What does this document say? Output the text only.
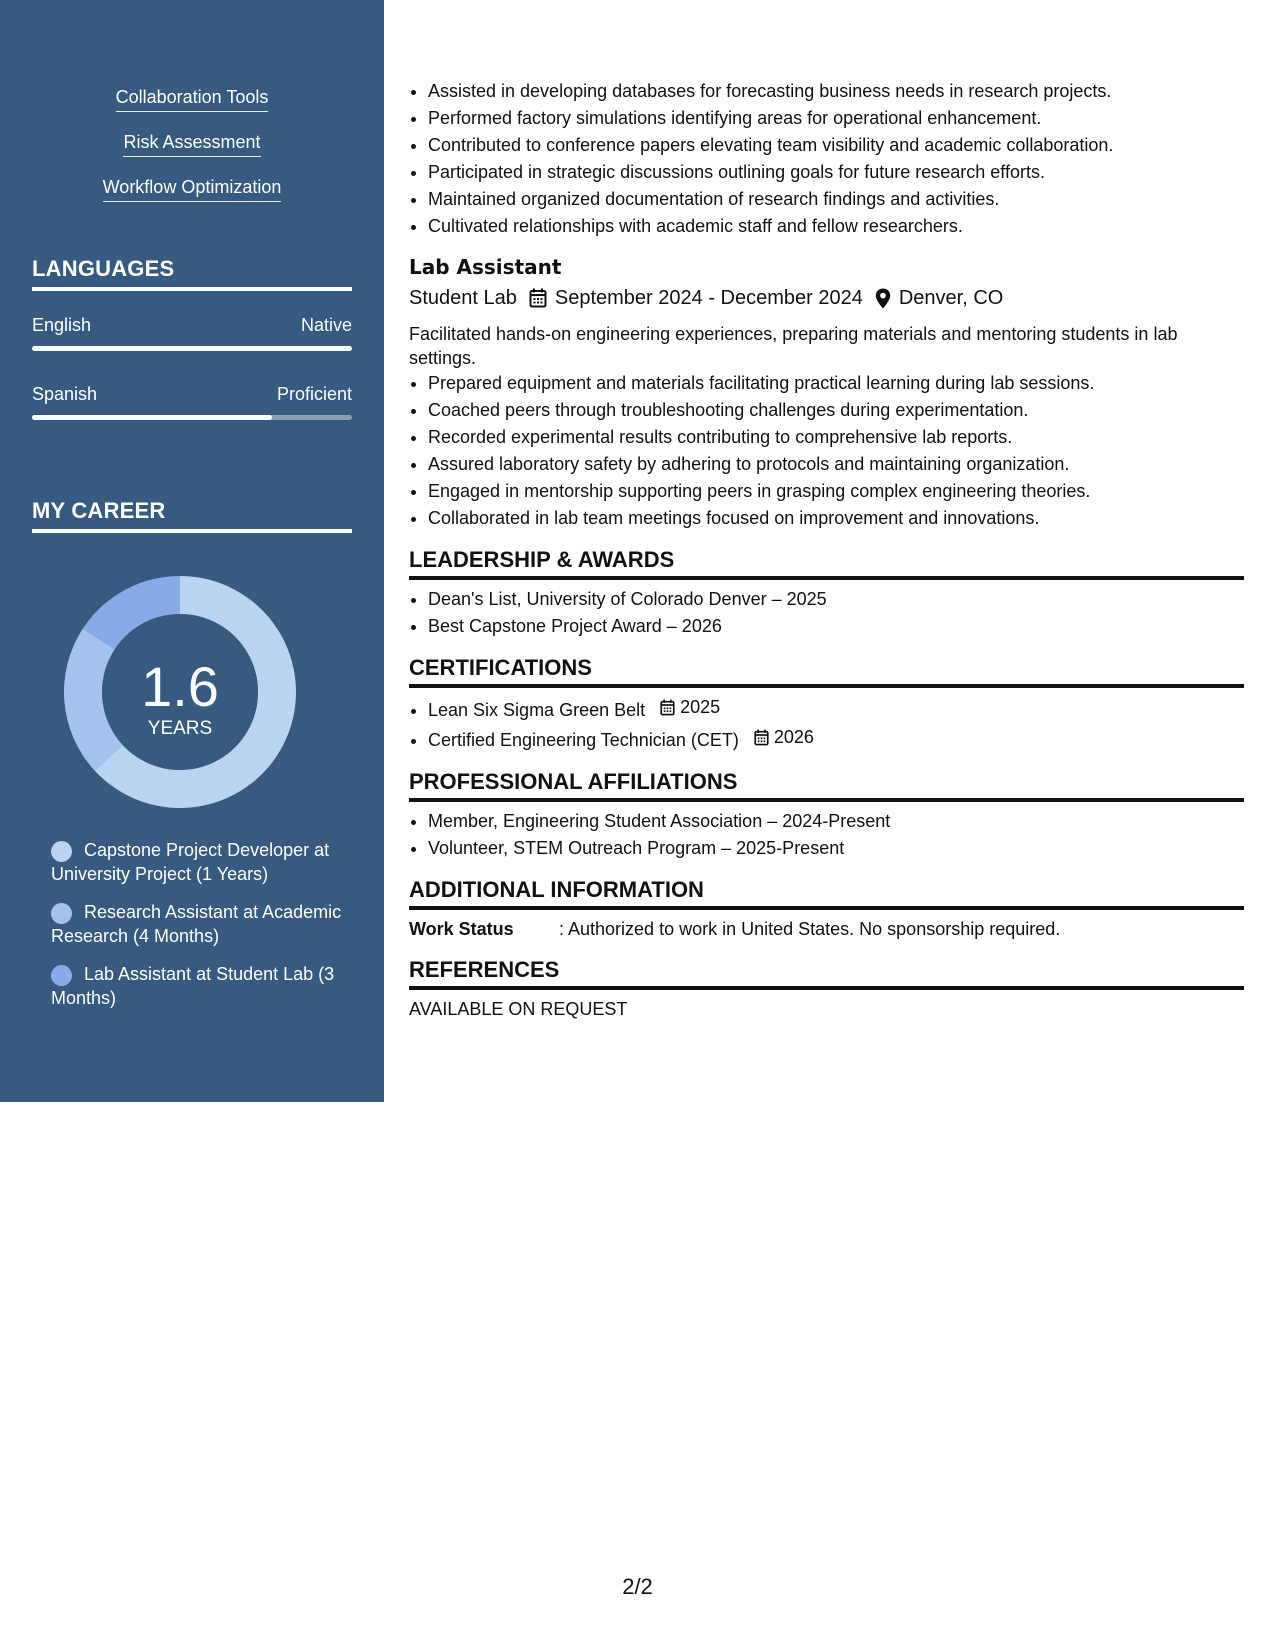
Collaboration Tools
Risk Assessment
Workflow Optimization
LANGUAGES
English	Native
Spanish	Proficient
MY CAREER
1.6
YEARS
Capstone Project Developer at University Project (1 Years)
Research Assistant at Academic Research (4 Months)
Lab Assistant at Student Lab (3 Months)
• Assisted in developing databases for forecasting business needs in research projects.
• Performed factory simulations identifying areas for operational enhancement.
• Contributed to conference papers elevating team visibility and academic collaboration.
• Participated in strategic discussions outlining goals for future research efforts.
• Maintained organized documentation of research findings and activities.
• Cultivated relationships with academic staff and fellow researchers.
Lab Assistant
Student Lab September 2024 - December 2024 Denver, CO
Facilitated hands-on engineering experiences, preparing materials and mentoring students in lab settings.
• Prepared equipment and materials facilitating practical learning during lab sessions.
• Coached peers through troubleshooting challenges during experimentation.
• Recorded experimental results contributing to comprehensive lab reports.
• Assured laboratory safety by adhering to protocols and maintaining organization.
• Engaged in mentorship supporting peers in grasping complex engineering theories.
• Collaborated in lab team meetings focused on improvement and innovations.
LEADERSHIP & AWARDS
• Dean's List, University of Colorado Denver – 2025
• Best Capstone Project Award – 2026
CERTIFICATIONS
• Lean Six Sigma Green Belt 2025
• Certified Engineering Technician (CET) 2026
PROFESSIONAL AFFILIATIONS
• Member, Engineering Student Association – 2024-Present
• Volunteer, STEM Outreach Program – 2025-Present
ADDITIONAL INFORMATION
Work Status	: Authorized to work in United States. No sponsorship required.
REFERENCES
AVAILABLE ON REQUEST
2/2
